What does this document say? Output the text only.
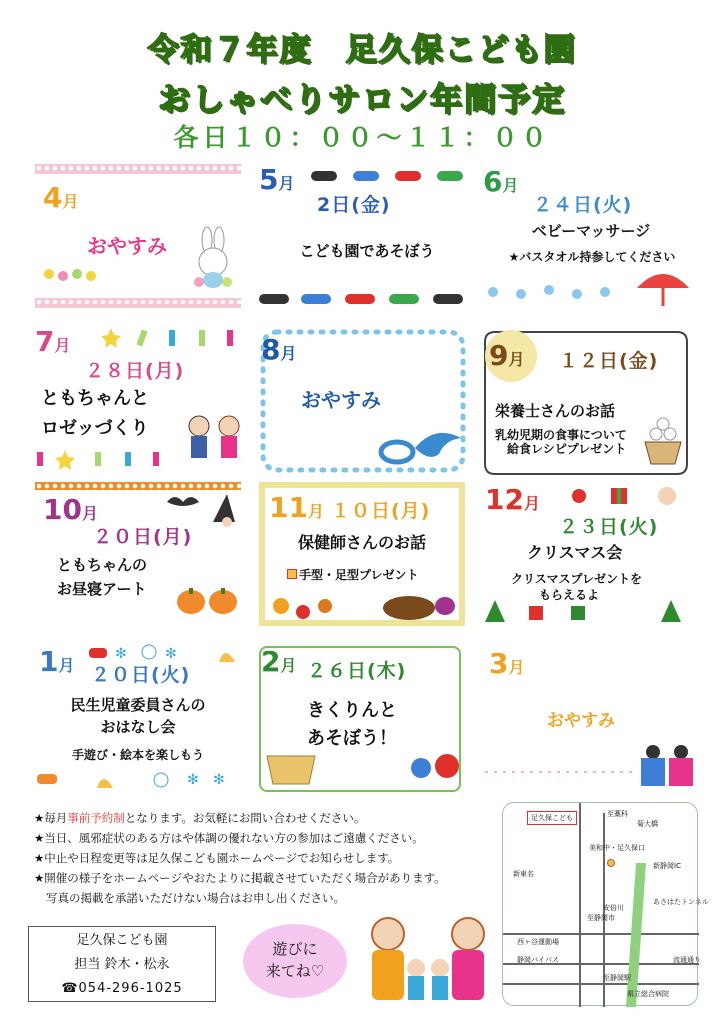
令和７年度　足久保こども園
おしゃべりサロン年間予定
各日１０：００～１１：００
4月
おやすみ
5月
2日(金)
こども園であそぼう
6月
２４日(火)
ベビーマッサージ
★バスタオル持参してください
7月
２８日(月)
ともちゃんと
ロゼッづくり
8月
おやすみ
9月 １２日(金)
栄養士さんのお話
乳幼児期の食事について
給食レシピプレゼント
10月
２０日(月)
ともちゃんの
お昼寝アート
11月 １０日(月)
保健師さんのお話
手型・足型プレゼント
12月
２３日(火)
クリスマス会
クリスマスプレゼントを
もらえるよ
1月
✻	✻
２０日(火)
民生児童委員さんの
おはなし会
手遊び・絵本を楽しもう
✻ ✻
2月 ２６日(木)
きくりんと
あそぼう！
3月
おやすみ
★毎月事前予約制となります。お気軽にお問い合わせください。
★当日、風邪症状のある方はや体調の優れない方の参加はご遠慮ください。
★中止や日程変更等は足久保こども園ホームページでお知らせします。
★開催の様子をホームページやおたよりに掲載させていただく場合があります。
写真の掲載を承諾いただけない場合はお申し出ください。
足久保こども園
担当 鈴木・松永
☎054-296-1025
遊びに
来てね♡
足久保こども	至藁科
菊大橋
美和中・足久保口
新静岡IC
新東名
あさはたトンネル
安倍川
至静岡市
西ヶ谷運動場
静岡バイパス	流通通り
県立総合病院
至静岡駅
